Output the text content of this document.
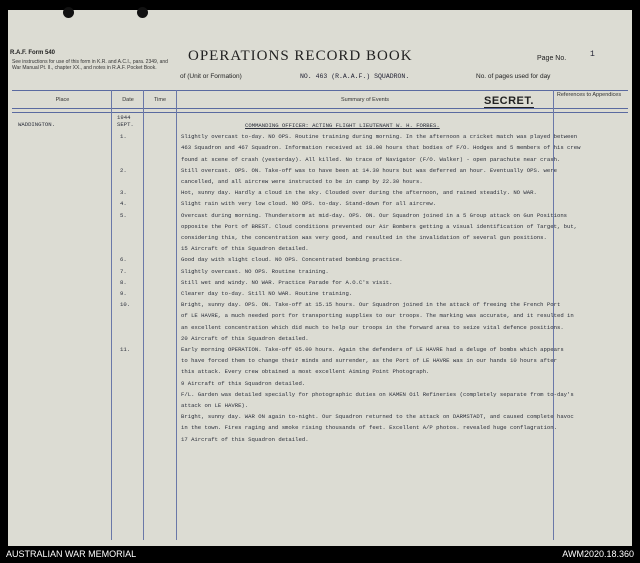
R.A.F. Form 540
See instructions for use of this form in K.R. and A.C.I., para. 2349, and War Manual Pt. II., chapter XX., and notes in R.A.F. Pocket Book.
OPERATIONS RECORD BOOK	Page No.	1
of (Unit or Formation)	NO. 463 (R.A.A.F.) SQUADRON.	No. of pages used for day
Place	Date	Time	Summary of Events
References to Appendices
SECRET.
WADDINGTON.
1944
SEPT.	COMMANDING OFFICER: ACTING FLIGHT LIEUTENANT W. H. FORBES.
1.	Slightly overcast to-day. NO OPS. Routine training during morning. In the afternoon a cricket match was played between
463 Squadron and 467 Squadron. Information received at 18.00 hours that bodies of F/O. Hodges and 5 members of his crew
found at scene of crash (yesterday). All killed. No trace of Navigator (F/O. Walker) - open parachute near crash.
2.	Still overcast. OPS. ON. Take-off was to have been at 14.30 hours but was deferred an hour. Eventually OPS. were
cancelled, and all aircrew were instructed to be in camp by 22.30 hours.
3.	Hot, sunny day. Hardly a cloud in the sky. Clouded over during the afternoon, and rained steadily. NO WAR.
4.	Slight rain with very low cloud. NO OPS. to-day. Stand-down for all aircrew.
5.	Overcast during morning. Thunderstorm at mid-day. OPS. ON. Our Squadron joined in a 5 Group attack on Gun Positions
opposite the Port of BREST. Cloud conditions prevented our Air Bombers getting a visual identification of Target, but,
considering this, the concentration was very good, and resulted in the invalidation of several gun positions.
15 Aircraft of this Squadron detailed.
6.	Good day with slight cloud. NO OPS. Concentrated bombing practice.
7.	Slightly overcast. NO OPS. Routine training.
8.	Still wet and windy. NO WAR. Practice Parade for A.O.C's visit.
9.	Clearer day to-day. Still NO WAR. Routine training.
10.	Bright, sunny day. OPS. ON. Take-off at 15.15 hours. Our Squadron joined in the attack of freeing the French Port
of LE HAVRE, a much needed port for transporting supplies to our troops. The marking was accurate, and it resulted in
an excellent concentration which did much to help our troops in the forward area to seize vital defence positions.
20 Aircraft of this Squadron detailed.
11.	Early morning OPERATION. Take-off 05.00 hours. Again the defenders of LE HAVRE had a deluge of bombs which appears
to have forced them to change their minds and surrender, as the Port of LE HAVRE was in our hands 10 hours after
this attack. Every crew obtained a most excellent Aiming Point Photograph.
9 Aircraft of this Squadron detailed.
F/L. Garden was detailed specially for photographic duties on KAMEN Oil Refineries (completely separate from to-day's
attack on LE HAVRE).
Bright, sunny day. WAR ON again to-night. Our Squadron returned to the attack on DARMSTADT, and caused complete havoc
in the town. Fires raging and smoke rising thousands of feet. Excellent A/P photos. revealed huge conflagration.
17 Aircraft of this Squadron detailed.
AUSTRALIAN WAR MEMORIAL	AWM2020.18.360
